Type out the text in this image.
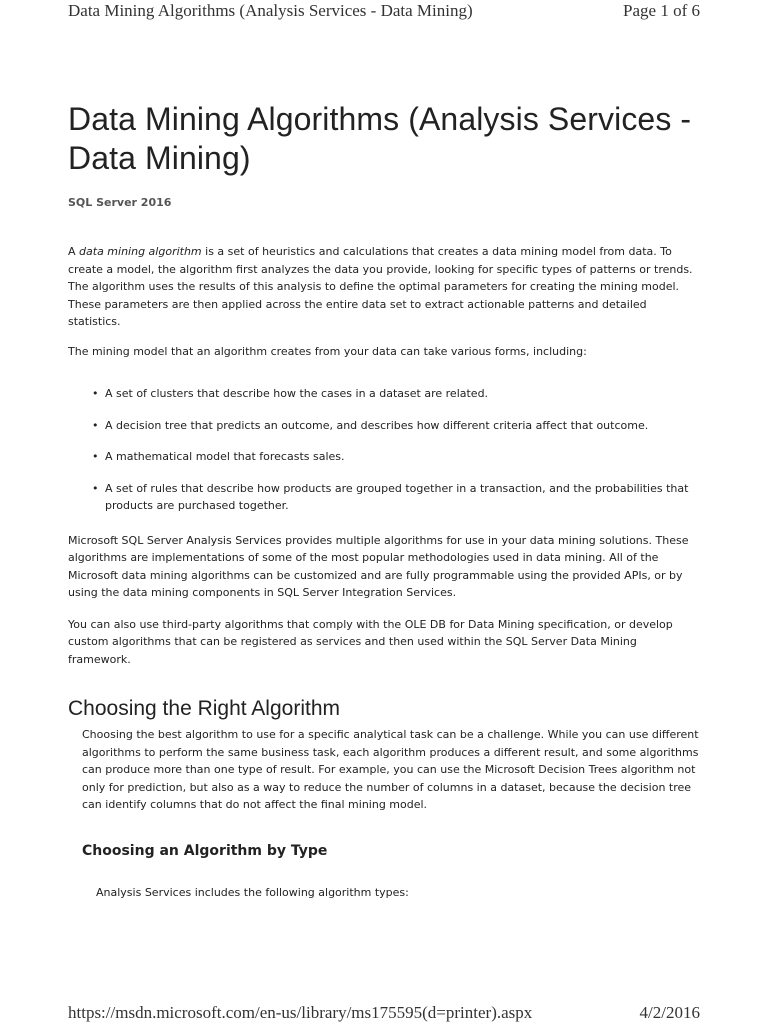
Data Mining Algorithms (Analysis Services - Data Mining)	Page 1 of 6
Data Mining Algorithms (Analysis Services - Data Mining)
SQL Server 2016

A data mining algorithm is a set of heuristics and calculations that creates a data mining model from data. To create a model, the algorithm first analyzes the data you provide, looking for specific types of patterns or trends. The algorithm uses the results of this analysis to define the optimal parameters for creating the mining model. These parameters are then applied across the entire data set to extract actionable patterns and detailed statistics.

The mining model that an algorithm creates from your data can take various forms, including:

• A set of clusters that describe how the cases in a dataset are related.
• A decision tree that predicts an outcome, and describes how different criteria affect that outcome.
• A mathematical model that forecasts sales.
• A set of rules that describe how products are grouped together in a transaction, and the probabilities that products are purchased together.

Microsoft SQL Server Analysis Services provides multiple algorithms for use in your data mining solutions. These algorithms are implementations of some of the most popular methodologies used in data mining. All of the Microsoft data mining algorithms can be customized and are fully programmable using the provided APIs, or by using the data mining components in SQL Server Integration Services.

You can also use third-party algorithms that comply with the OLE DB for Data Mining specification, or develop custom algorithms that can be registered as services and then used within the SQL Server Data Mining framework.

Choosing the Right Algorithm

Choosing the best algorithm to use for a specific analytical task can be a challenge. While you can use different algorithms to perform the same business task, each algorithm produces a different result, and some algorithms can produce more than one type of result. For example, you can use the Microsoft Decision Trees algorithm not only for prediction, but also as a way to reduce the number of columns in a dataset, because the decision tree can identify columns that do not affect the final mining model.

Choosing an Algorithm by Type

Analysis Services includes the following algorithm types:

https://msdn.microsoft.com/en-us/library/ms175595(d=printer).aspx	4/2/2016
